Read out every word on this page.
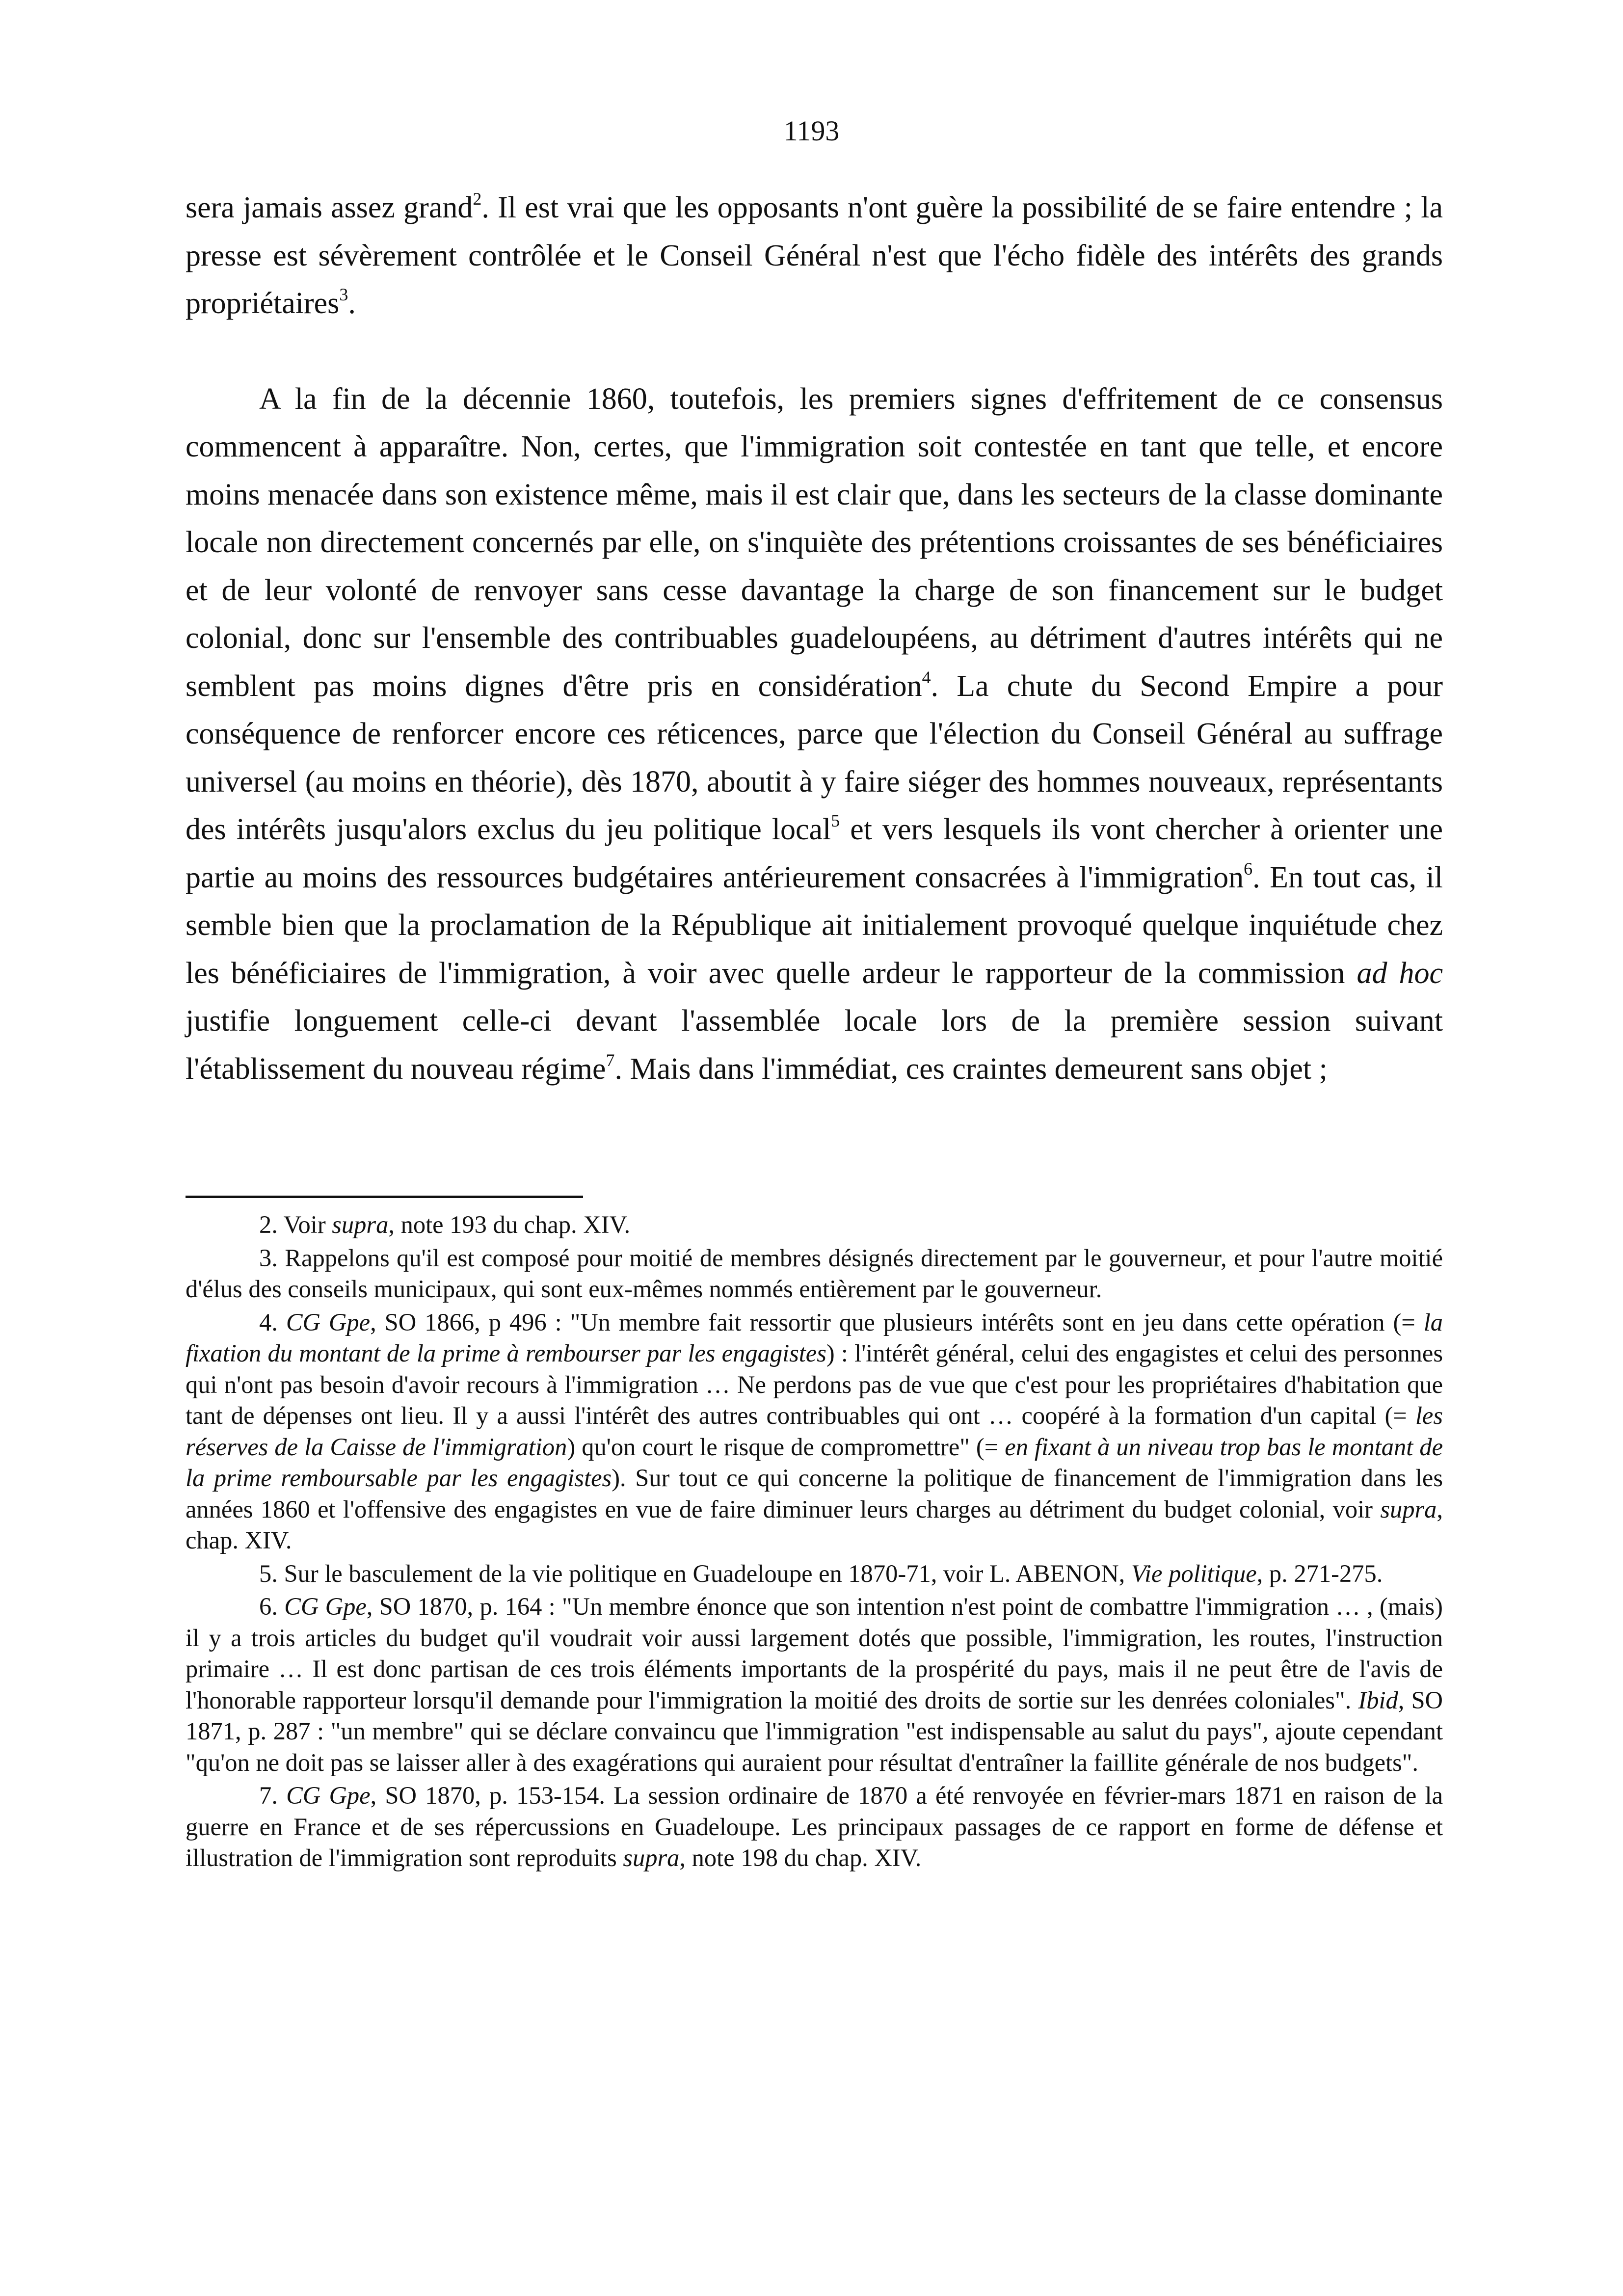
1193

sera jamais assez grand$^2$. Il est vrai que les opposants n'ont guère la possibilité de se faire entendre ; la presse est sévèrement contrôlée et le Conseil Général n'est que l'écho fidèle des intérêts des grands propriétaires$^3$.

A la fin de la décennie 1860, toutefois, les premiers signes d'effritement de ce consensus commencent à apparaître. Non, certes, que l'immigration soit contestée en tant que telle, et encore moins menacée dans son existence même, mais il est clair que, dans les secteurs de la classe dominante locale non directement concernés par elle, on s'inquiète des prétentions croissantes de ses bénéficiaires et de leur volonté de renvoyer sans cesse davantage la charge de son financement sur le budget colonial, donc sur l'ensemble des contribuables guadeloupéens, au détriment d'autres intérêts qui ne semblent pas moins dignes d'être pris en considération$^4$. La chute du Second Empire a pour conséquence de renforcer encore ces réticences, parce que l'élection du Conseil Général au suffrage universel (au moins en théorie), dès 1870, aboutit à y faire siéger des hommes nouveaux, représentants des intérêts jusqu'alors exclus du jeu politique local$^5$ et vers lesquels ils vont chercher à orienter une partie au moins des ressources budgétaires antérieurement consacrées à l'immigration$^6$. En tout cas, il semble bien que la proclamation de la République ait initialement provoqué quelque inquiétude chez les bénéficiaires de l'immigration, à voir avec quelle ardeur le rapporteur de la commission ad hoc justifie longuement celle-ci devant l'assemblée locale lors de la première session suivant l'établissement du nouveau régime$^7$. Mais dans l'immédiat, ces craintes demeurent sans objet ;

2. Voir supra, note 193 du chap. XIV.

3. Rappelons qu'il est composé pour moitié de membres désignés directement par le gouverneur, et pour l'autre moitié d'élus des conseils municipaux, qui sont eux-mêmes nommés entièrement par le gouverneur.

4. CG Gpe, SO 1866, p 496 : "Un membre fait ressortir que plusieurs intérêts sont en jeu dans cette opération (= la fixation du montant de la prime à rembourser par les engagistes) : l'intérêt général, celui des engagistes et celui des personnes qui n'ont pas besoin d'avoir recours à l'immigration … Ne perdons pas de vue que c'est pour les propriétaires d'habitation que tant de dépenses ont lieu. Il y a aussi l'intérêt des autres contribuables qui ont … coopéré à la formation d'un capital (= les réserves de la Caisse de l'immigration) qu'on court le risque de compromettre" (= en fixant à un niveau trop bas le montant de la prime remboursable par les engagistes). Sur tout ce qui concerne la politique de financement de l'immigration dans les années 1860 et l'offensive des engagistes en vue de faire diminuer leurs charges au détriment du budget colonial, voir supra, chap. XIV.

5. Sur le basculement de la vie politique en Guadeloupe en 1870-71, voir L. ABENON, Vie politique, p. 271-275.

6. CG Gpe, SO 1870, p. 164 : "Un membre énonce que son intention n'est point de combattre l'immigration … , (mais) il y a trois articles du budget qu'il voudrait voir aussi largement dotés que possible, l'immigration, les routes, l'instruction primaire … Il est donc partisan de ces trois éléments importants de la prospérité du pays, mais il ne peut être de l'avis de l'honorable rapporteur lorsqu'il demande pour l'immigration la moitié des droits de sortie sur les denrées coloniales". Ibid, SO 1871, p. 287 : "un membre" qui se déclare convaincu que l'immigration "est indispensable au salut du pays", ajoute cependant "qu'on ne doit pas se laisser aller à des exagérations qui auraient pour résultat d'entraîner la faillite générale de nos budgets".

7. CG Gpe, SO 1870, p. 153-154. La session ordinaire de 1870 a été renvoyée en février-mars 1871 en raison de la guerre en France et de ses répercussions en Guadeloupe. Les principaux passages de ce rapport en forme de défense et illustration de l'immigration sont reproduits supra, note 198 du chap. XIV.
